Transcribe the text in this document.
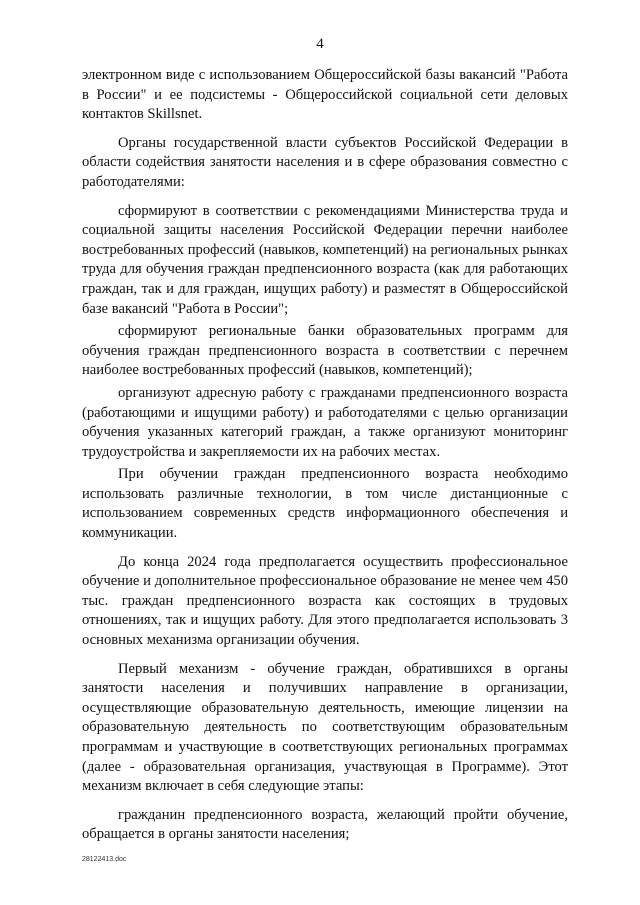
4

электронном виде с использованием Общероссийской базы вакансий "Работа в России" и ее подсистемы - Общероссийской социальной сети деловых контактов Skillsnet.

Органы государственной власти субъектов Российской Федерации в области содействия занятости населения и в сфере образования совместно с работодателями:

сформируют в соответствии с рекомендациями Министерства труда и социальной защиты населения Российской Федерации перечни наиболее востребованных профессий (навыков, компетенций) на региональных рынках труда для обучения граждан предпенсионного возраста (как для работающих граждан, так и для граждан, ищущих работу) и разместят в Общероссийской базе вакансий "Работа в России";

сформируют региональные банки образовательных программ для обучения граждан предпенсионного возраста в соответствии с перечнем наиболее востребованных профессий (навыков, компетенций);

организуют адресную работу с гражданами предпенсионного возраста (работающими и ищущими работу) и работодателями с целью организации обучения указанных категорий граждан, а также организуют мониторинг трудоустройства и закрепляемости их на рабочих местах.

При обучении граждан предпенсионного возраста необходимо использовать различные технологии, в том числе дистанционные с использованием современных средств информационного обеспечения и коммуникации.

До конца 2024 года предполагается осуществить профессиональное обучение и дополнительное профессиональное образование не менее чем 450 тыс. граждан предпенсионного возраста как состоящих в трудовых отношениях, так и ищущих работу. Для этого предполагается использовать 3 основных механизма организации обучения.

Первый механизм - обучение граждан, обратившихся в органы занятости населения и получивших направление в организации, осуществляющие образовательную деятельность, имеющие лицензии на образовательную деятельность по соответствующим образовательным программам и участвующие в соответствующих региональных программах (далее - образовательная организация, участвующая в Программе). Этот механизм включает в себя следующие этапы:

гражданин предпенсионного возраста, желающий пройти обучение, обращается в органы занятости населения;

28122413.doc
